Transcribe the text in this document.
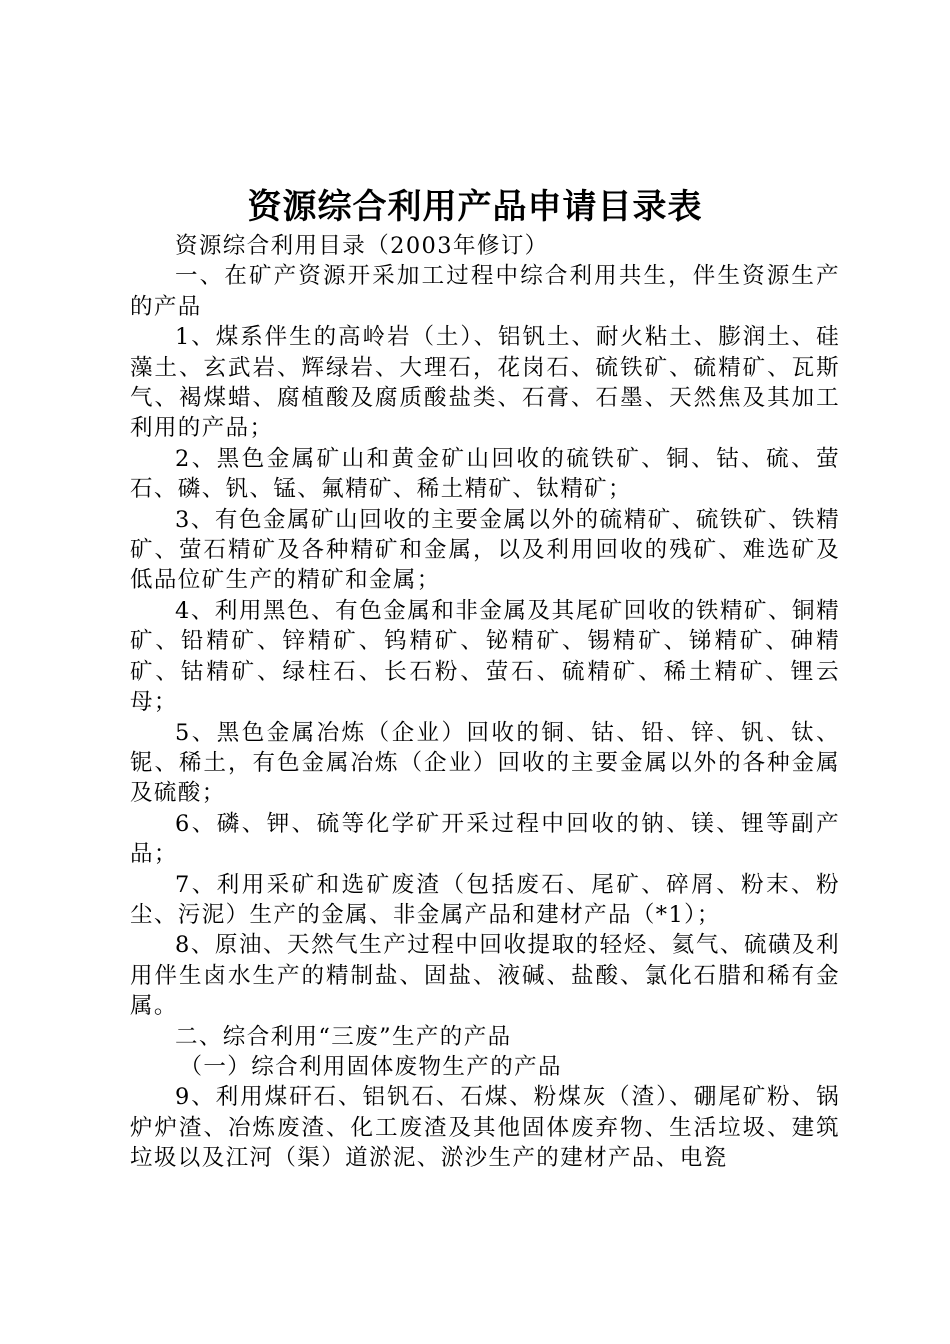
资源综合利用产品申请目录表

资源综合利用目录（2003年修订）

一、在矿产资源开采加工过程中综合利用共生，伴生资源生产的产品

1、煤系伴生的高岭岩（土）、铝钒土、耐火粘土、膨润土、硅藻土、玄武岩、辉绿岩、大理石，花岗石、硫铁矿、硫精矿、瓦斯气、褐煤蜡、腐植酸及腐质酸盐类、石膏、石墨、天然焦及其加工利用的产品；

2、黑色金属矿山和黄金矿山回收的硫铁矿、铜、钴、硫、萤石、磷、钒、锰、氟精矿、稀土精矿、钛精矿；

3、有色金属矿山回收的主要金属以外的硫精矿、硫铁矿、铁精矿、萤石精矿及各种精矿和金属，以及利用回收的残矿、难选矿及低品位矿生产的精矿和金属；

4、利用黑色、有色金属和非金属及其尾矿回收的铁精矿、铜精矿、铅精矿、锌精矿、钨精矿、铋精矿、锡精矿、锑精矿、砷精矿、钴精矿、绿柱石、长石粉、萤石、硫精矿、稀土精矿、锂云母；

5、黑色金属冶炼（企业）回收的铜、钴、铅、锌、钒、钛、铌、稀土，有色金属冶炼（企业）回收的主要金属以外的各种金属及硫酸；

6、磷、钾、硫等化学矿开采过程中回收的钠、镁、锂等副产品；

7、利用采矿和选矿废渣（包括废石、尾矿、碎屑、粉末、粉尘、污泥）生产的金属、非金属产品和建材产品（*1）；

8、原油、天然气生产过程中回收提取的轻烃、氦气、硫磺及利用伴生卤水生产的精制盐、固盐、液碱、盐酸、氯化石腊和稀有金属。

二、综合利用“三废”生产的产品

（一）综合利用固体废物生产的产品

9、利用煤矸石、铝钒石、石煤、粉煤灰（渣）、硼尾矿粉、锅炉炉渣、冶炼废渣、化工废渣及其他固体废弃物、生活垃圾、建筑垃圾以及江河（渠）道淤泥、淤沙生产的建材产品、电瓷
